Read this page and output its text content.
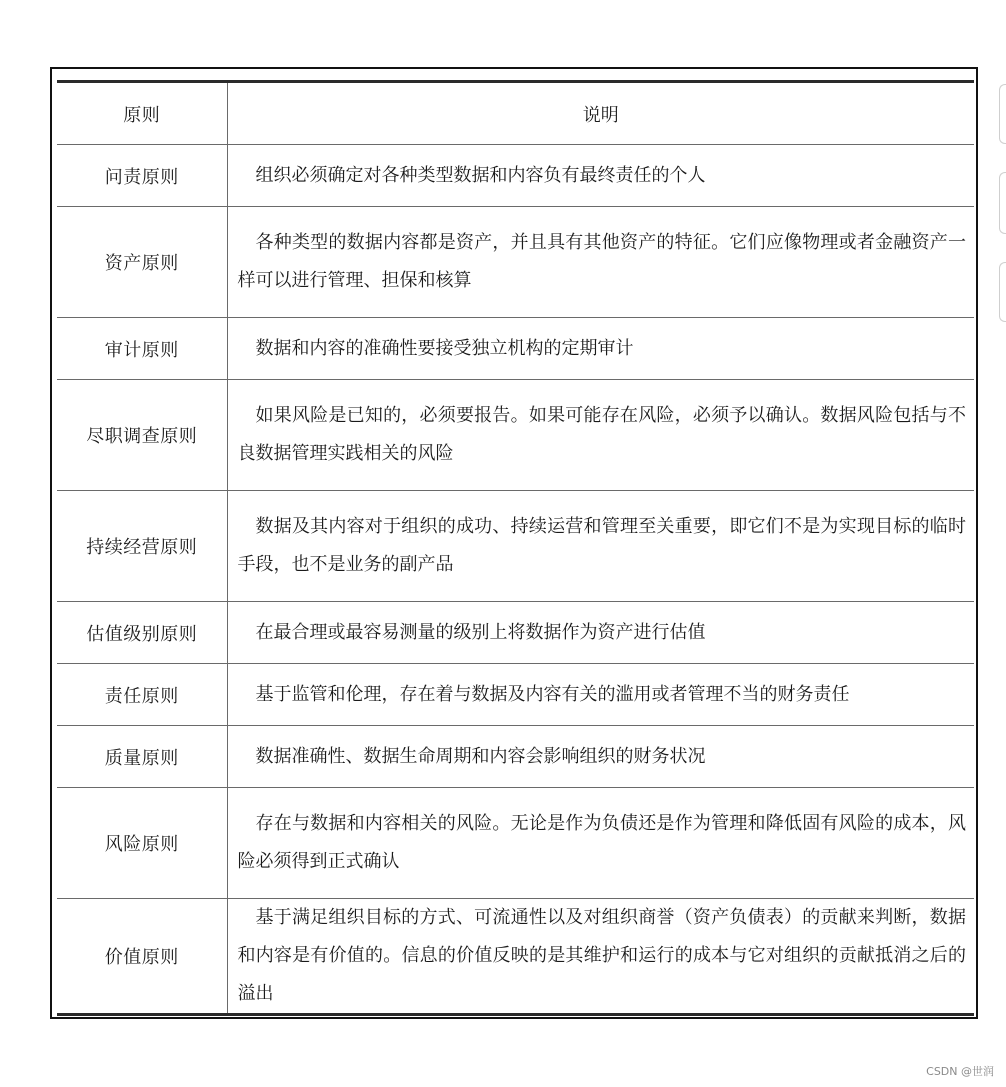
原则	说明
问责原则	组织必须确定对各种类型数据和内容负有最终责任的个人
资产原则	各种类型的数据内容都是资产，并且具有其他资产的特征。它们应像物理或者金融资产一样可以进行管理、担保和核算
审计原则	数据和内容的准确性要接受独立机构的定期审计
尽职调查原则	如果风险是已知的，必须要报告。如果可能存在风险，必须予以确认。数据风险包括与不良数据管理实践相关的风险
持续经营原则	数据及其内容对于组织的成功、持续运营和管理至关重要，即它们不是为实现目标的临时手段，也不是业务的副产品
估值级别原则	在最合理或最容易测量的级别上将数据作为资产进行估值
责任原则	基于监管和伦理，存在着与数据及内容有关的滥用或者管理不当的财务责任
质量原则	数据准确性、数据生命周期和内容会影响组织的财务状况
风险原则	存在与数据和内容相关的风险。无论是作为负债还是作为管理和降低固有风险的成本，风险必须得到正式确认
价值原则	基于满足组织目标的方式、可流通性以及对组织商誉（资产负债表）的贡献来判断，数据和内容是有价值的。信息的价值反映的是其维护和运行的成本与它对组织的贡献抵消之后的溢出
CSDN @世润
